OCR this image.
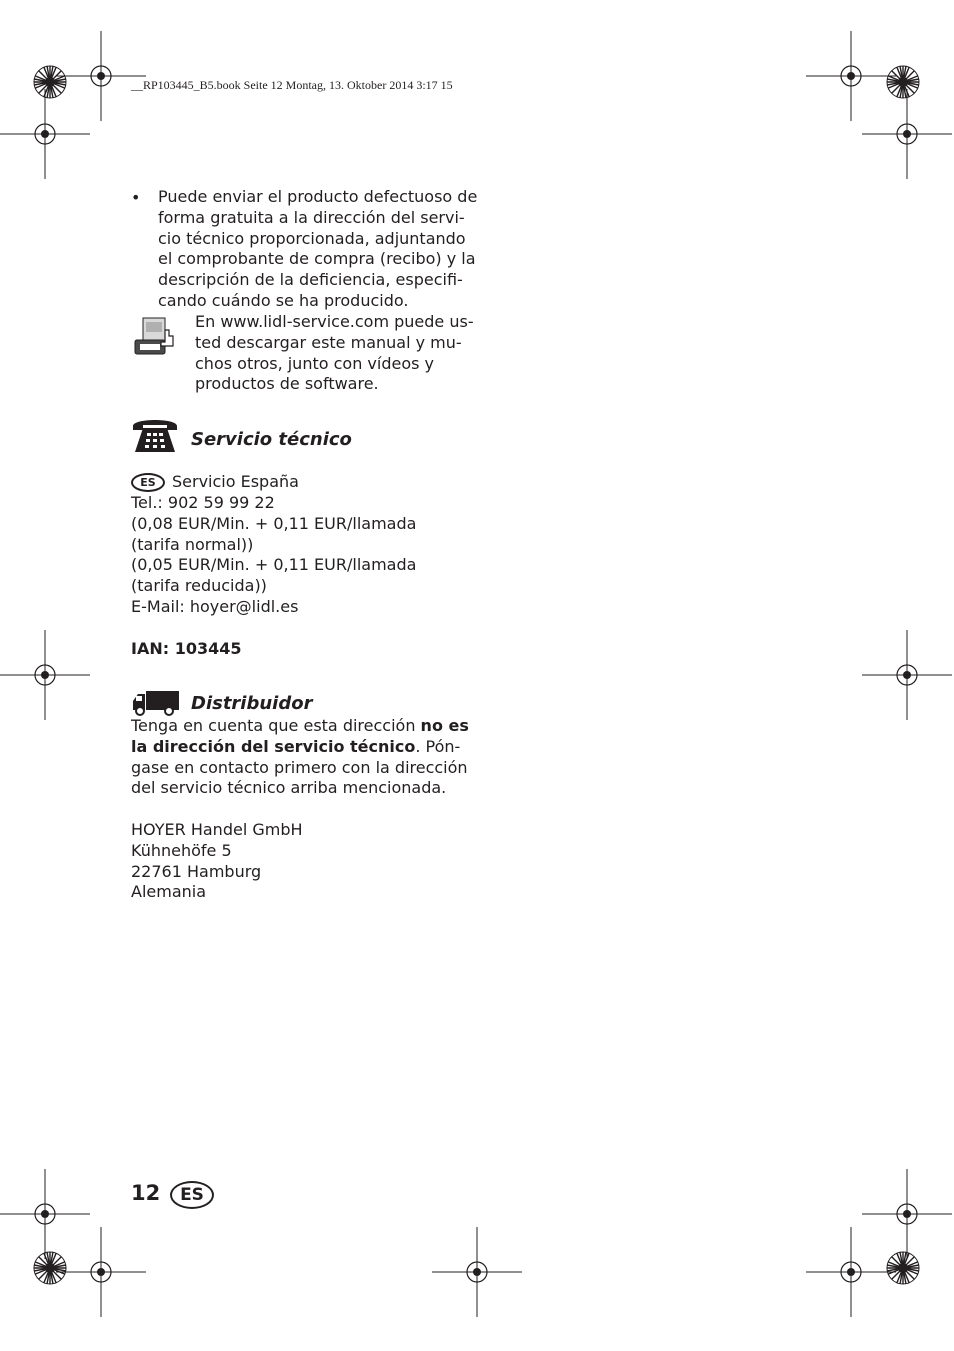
__RP103445_B5.book Seite 12 Montag, 13. Oktober 2014 3:17 15
• Puede enviar el producto defectuoso de
forma gratuita a la dirección del servi-
cio técnico proporcionada, adjuntando
el comprobante de compra (recibo) y la
descripción de la deficiencia, especifi-
cando cuándo se ha producido.
En www.lidl-service.com puede us-
ted descargar este manual y mu-
chos otros, junto con vídeos y
productos de software.
Servicio técnico
ES	Servicio España
Tel.: 902 59 99 22
(0,08 EUR/Min. + 0,11 EUR/llamada
(tarifa normal))
(0,05 EUR/Min. + 0,11 EUR/llamada
(tarifa reducida))
E-Mail: hoyer@lidl.es
IAN: 103445
Distribuidor
Tenga en cuenta que esta dirección no es
la dirección del servicio técnico. Pón-
gase en contacto primero con la dirección
del servicio técnico arriba mencionada.
HOYER Handel GmbH
Kühnehöfe 5
22761 Hamburg
Alemania
12	ES
